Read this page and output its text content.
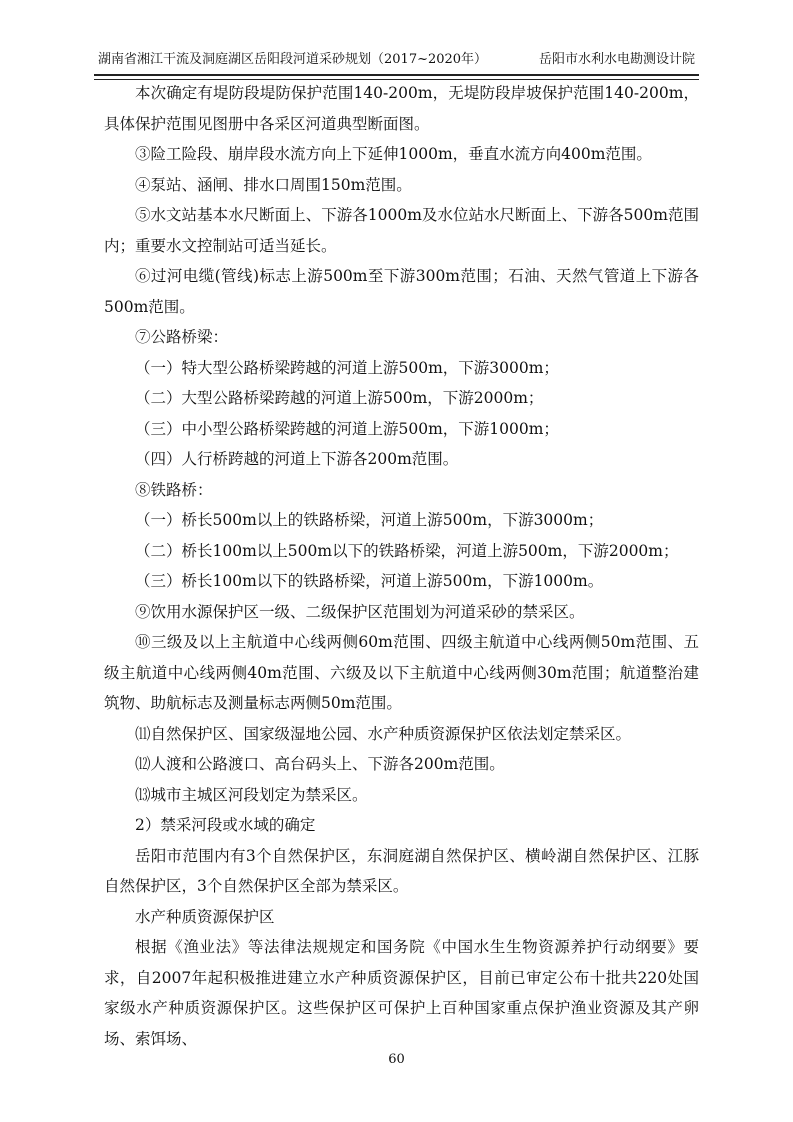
湖南省湘江干流及洞庭湖区岳阳段河道采砂规划（2017~2020年）	岳阳市水利水电勘测设计院

本次确定有堤防段堤防保护范围140-200m，无堤防段岸坡保护范围140-200m，具体保护范围见图册中各采区河道典型断面图。

③险工险段、崩岸段水流方向上下延伸1000m，垂直水流方向400m范围。

④泵站、涵闸、排水口周围150m范围。

⑤水文站基本水尺断面上、下游各1000m及水位站水尺断面上、下游各500m范围内；重要水文控制站可适当延长。

⑥过河电缆(管线)标志上游500m至下游300m范围；石油、天然气管道上下游各500m范围。

⑦公路桥梁：

（一）特大型公路桥梁跨越的河道上游500m，下游3000m；

（二）大型公路桥梁跨越的河道上游500m，下游2000m；

（三）中小型公路桥梁跨越的河道上游500m，下游1000m；

（四）人行桥跨越的河道上下游各200m范围。

⑧铁路桥：

（一）桥长500m以上的铁路桥梁，河道上游500m，下游3000m；

（二）桥长100m以上500m以下的铁路桥梁，河道上游500m，下游2000m；

（三）桥长100m以下的铁路桥梁，河道上游500m，下游1000m。

⑨饮用水源保护区一级、二级保护区范围划为河道采砂的禁采区。

⑩三级及以上主航道中心线两侧60m范围、四级主航道中心线两侧50m范围、五级主航道中心线两侧40m范围、六级及以下主航道中心线两侧30m范围；航道整治建筑物、助航标志及测量标志两侧50m范围。

⑾自然保护区、国家级湿地公园、水产种质资源保护区依法划定禁采区。

⑿人渡和公路渡口、高台码头上、下游各200m范围。

⒀城市主城区河段划定为禁采区。

2）禁采河段或水域的确定

岳阳市范围内有3个自然保护区，东洞庭湖自然保护区、横岭湖自然保护区、江豚自然保护区，3个自然保护区全部为禁采区。

水产种质资源保护区

根据《渔业法》等法律法规规定和国务院《中国水生生物资源养护行动纲要》要求，自2007年起积极推进建立水产种质资源保护区，目前已审定公布十批共220处国家级水产种质资源保护区。这些保护区可保护上百种国家重点保护渔业资源及其产卵场、索饵场、

60
